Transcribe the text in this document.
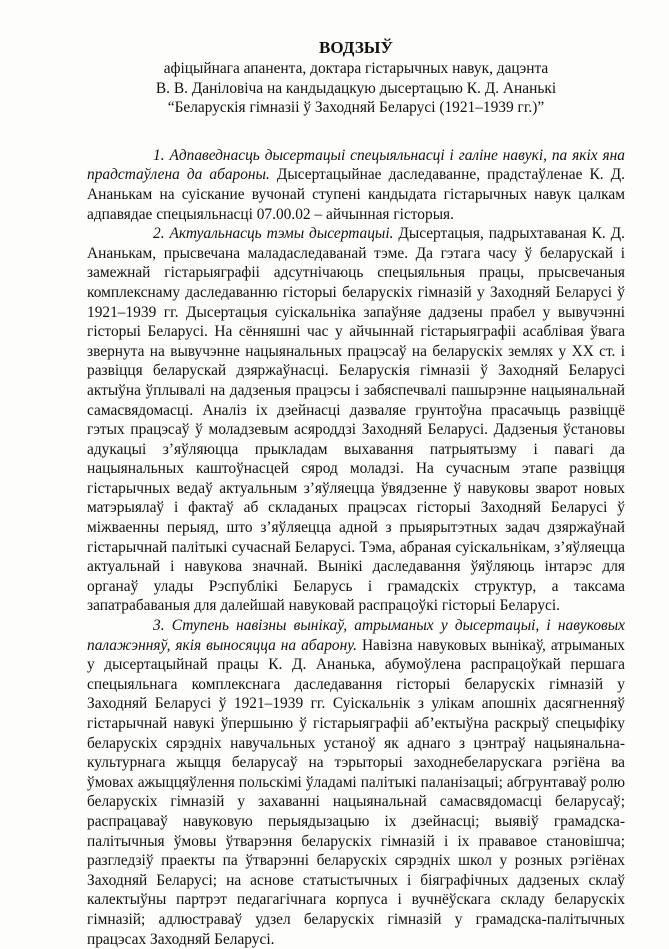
ВОДЗЫЎ
афіцыйнага апанента, доктара гістарычных навук, дацэнта
В. В. Даніловіча на кандыдацкую дысертацыю К. Д. Ананькі
“Беларускія гімназіі ў Заходняй Беларусі (1921–1939 гг.)”

1. Адпаведнасць дысертацыі спецыяльнасці і галіне навукі, па якіх яна прадстаўлена да абароны. Дысертацыйнае даследаванне, прадстаўленае К. Д. Ананькам на суіскание вучонай ступені кандыдата гістарычных навук цалкам адпавядае спецыяльнасці 07.00.02 – айчынная гісторыя.

2. Актуальнасць тэмы дысертацыі. Дысертацыя, падрыхтаваная К. Д. Ананькам, прысвечана маладаследаванай тэме. Да гэтага часу ў беларускай і замежнай гістарыяграфіі адсутнічаюць спецыяльныя працы, прысвечаныя комплекснаму даследаванню гісторыі беларускіх гімназій у Заходняй Беларусі ў 1921–1939 гг. Дысертацыя суіскальніка запаўняе дадзены прабел у вывучэнні гісторыі Беларусі. На сённяшні час у айчыннай гістарыяграфіі асаблівая ўвага звернута на вывучэнне нацыянальных працэсаў на беларускіх землях у ХХ ст. і развіцця беларускай дзяржаўнасці. Беларускія гімназіі ў Заходняй Беларусі актыўна ўплывалі на дадзеныя працэсы і забяспечвалі пашырэнне нацыянальнай самасвядомасці. Аналіз іх дзейнасці дазваляе грунтоўна прасачыць развіццё гэтых працэсаў ў моладзевым асяроддзі Заходняй Беларусі. Дадзеныя ўстановы адукацыі з’яўляюцца прыкладам выхавання патрыятызму і павагі да нацыянальных каштоўнасцей сярод моладзі. На сучасным этапе развіцця гістарычных ведаў актуальным з’яўляецца ўвядзенне ў навуковы зварот новых матэрыялаў і фактаў аб складаных працэсах гісторыі Заходняй Беларусі ў міжваенны перыяд, што з’яўляецца адной з прыярытэтных задач дзяржаўнай гістарычнай палітыкі сучаснай Беларусі. Тэма, абраная суіскальнікам, з’яўляецца актуальнай і навукова значнай. Вынікі даследавання ўяўляюць інтарэс для органаў улады Рэспублікі Беларусь і грамадскіх структур, а таксама запатрабаваныя для далейшай навуковай распрацоўкі гісторыі Беларусі.

3. Ступень навізны вынікаў, атрыманых у дысертацыі, і навуковых палажэнняў, якія выносяцца на абарону. Навізна навуковых вынікаў, атрыманых у дысертацыйнай працы К. Д. Ананька, абумоўлена распрацоўкай першага спецыяльнага комплекснага даследавання гісторыі беларускіх гімназій у Заходняй Беларусі ў 1921–1939 гг. Суіскальнік з улікам апошніх дасягненняў гістарычнай навукі ўпершыню ў гістарыяграфіі аб’ектыўна раскрыў спецыфіку беларускіх сярэдніх навучальных устаноў як аднаго з цэнтраў нацыянальна-культурнага жыцця беларусаў на тэрыторыі заходнебеларускага рэгіёна ва ўмовах ажыццяўлення польскімі ўладамі палітыкі паланізацыі; абгрунтаваў ролю беларускіх гімназій у захаванні нацыянальнай самасвядомасці беларусаў; распрацаваў навуковую перыядызацыю іх дзейнасці; выявіў грамадска-палітычныя ўмовы ўтварэння беларускіх гімназій і іх прававое становішча; разгледзіў праекты па ўтварэнні беларускіх сярэдніх школ у розных рэгіёнах Заходняй Беларусі; на аснове статыстычных і біяграфічных дадзеных склаў калектыўны партрэт педагагічнага корпуса і вучнёўскага складу беларускіх гімназій; адлюстраваў удзел беларускіх гімназій у грамадска-палітычных працэсах Заходняй Беларусі.
